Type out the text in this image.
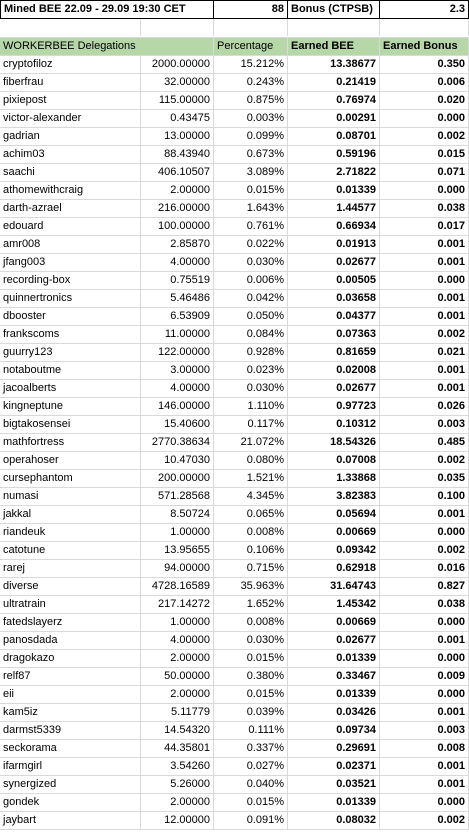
Mined BEE 22.09 - 29.09 19:30 CET	88 Bonus (CTPSB)	2.3
WORKERBEE Delegations	Percentage	Earned BEE	Earned Bonus
cryptofiloz	2000.00000	15.212%	13.38677	0.350
fiberfrau	32.00000	0.243%	0.21419	0.006
pixiepost	115.00000	0.875%	0.76974	0.020
victor-alexander	0.43475	0.003%	0.00291	0.000
gadrian	13.00000	0.099%	0.08701	0.002
achim03	88.43940	0.673%	0.59196	0.015
saachi	406.10507	3.089%	2.71822	0.071
athomewithcraig	2.00000	0.015%	0.01339	0.000
darth-azrael	216.00000	1.643%	1.44577	0.038
edouard	100.00000	0.761%	0.66934	0.017
amr008	2.85870	0.022%	0.01913	0.001
jfang003	4.00000	0.030%	0.02677	0.001
recording-box	0.75519	0.006%	0.00505	0.000
quinnertronics	5.46486	0.042%	0.03658	0.001
dbooster	6.53909	0.050%	0.04377	0.001
frankscoms	11.00000	0.084%	0.07363	0.002
guurry123	122.00000	0.928%	0.81659	0.021
notaboutme	3.00000	0.023%	0.02008	0.001
jacoalberts	4.00000	0.030%	0.02677	0.001
kingneptune	146.00000	1.110%	0.97723	0.026
bigtakosensei	15.40600	0.117%	0.10312	0.003
mathfortress	2770.38634	21.072%	18.54326	0.485
operahoser	10.47030	0.080%	0.07008	0.002
cursephantom	200.00000	1.521%	1.33868	0.035
numasi	571.28568	4.345%	3.82383	0.100
jakkal	8.50724	0.065%	0.05694	0.001
riandeuk	1.00000	0.008%	0.00669	0.000
catotune	13.95655	0.106%	0.09342	0.002
rarej	94.00000	0.715%	0.62918	0.016
diverse	4728.16589	35.963%	31.64743	0.827
ultratrain	217.14272	1.652%	1.45342	0.038
fatedslayerz	1.00000	0.008%	0.00669	0.000
panosdada	4.00000	0.030%	0.02677	0.001
dragokazo	2.00000	0.015%	0.01339	0.000
relf87	50.00000	0.380%	0.33467	0.009
eii	2.00000	0.015%	0.01339	0.000
kam5iz	5.11779	0.039%	0.03426	0.001
darmst5339	14.54320	0.111%	0.09734	0.003
seckorama	44.35801	0.337%	0.29691	0.008
ifarmgirl	3.54260	0.027%	0.02371	0.001
synergized	5.26000	0.040%	0.03521	0.001
gondek	2.00000	0.015%	0.01339	0.000
jaybart	12.00000	0.091%	0.08032	0.002
